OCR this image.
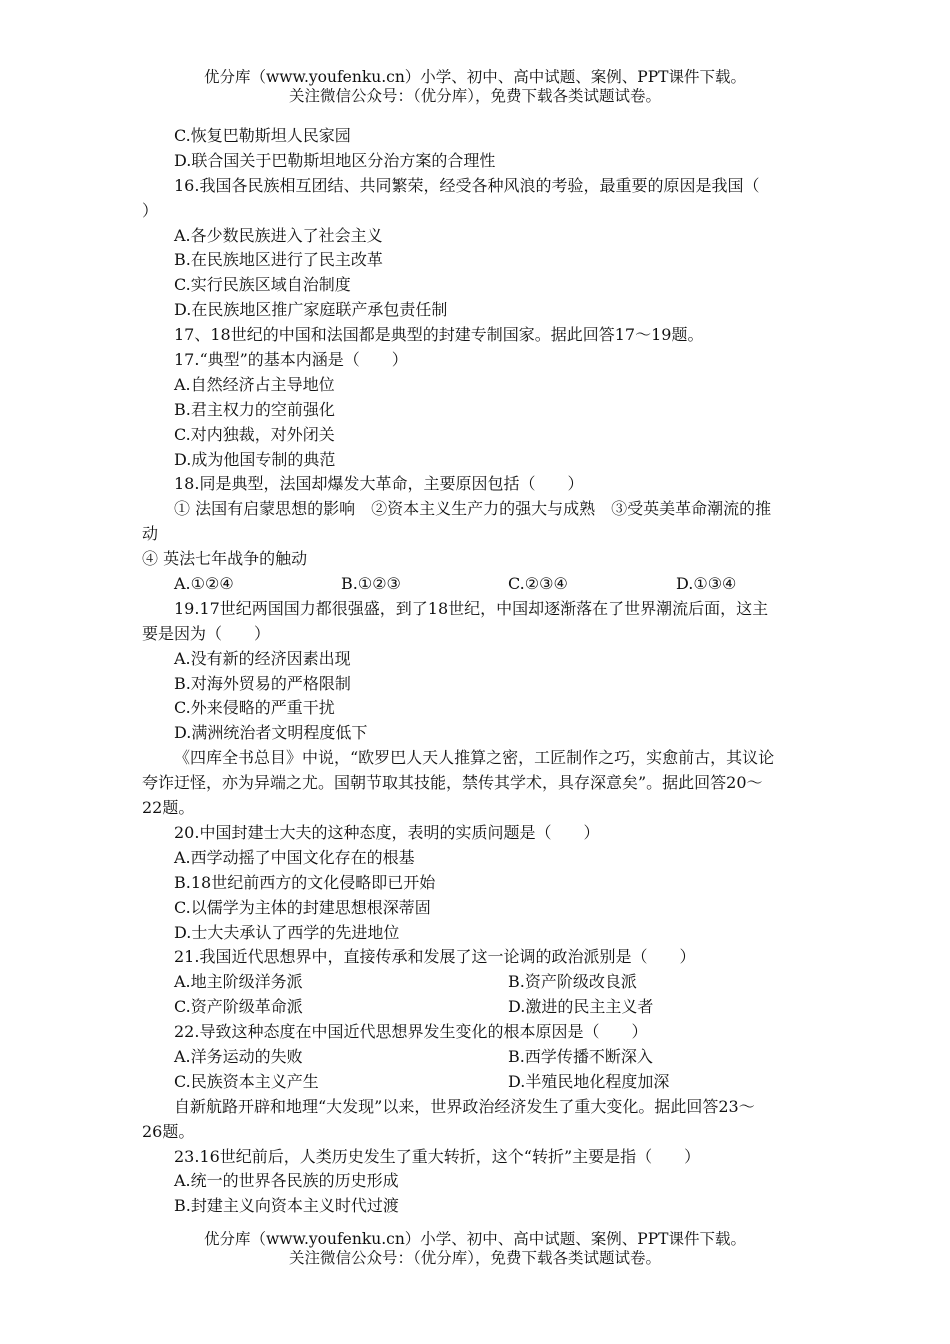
优分库（www.youfenku.cn）小学、初中、高中试题、案例、PPT课件下载。
关注微信公众号：（优分库），免费下载各类试题试卷。
C.恢复巴勒斯坦人民家园
D.联合国关于巴勒斯坦地区分治方案的合理性
16.我国各民族相互团结、共同繁荣，经受各种风浪的考验，最重要的原因是我国（
）
A.各少数民族进入了社会主义
B.在民族地区进行了民主改革
C.实行民族区域自治制度
D.在民族地区推广家庭联产承包责任制
17、18世纪的中国和法国都是典型的封建专制国家。据此回答17～19题。
17.“典型”的基本内涵是（　　）
A.自然经济占主导地位
B.君主权力的空前强化
C.对内独裁，对外闭关
D.成为他国专制的典范
18.同是典型，法国却爆发大革命，主要原因包括（　　）
① 法国有启蒙思想的影响　②资本主义生产力的强大与成熟　③受英美革命潮流的推
动
④ 英法七年战争的触动
A.①②④	B.①②③	C.②③④	D.①③④
19.17世纪两国国力都很强盛，到了18世纪，中国却逐渐落在了世界潮流后面，这主
要是因为（　　）
A.没有新的经济因素出现
B.对海外贸易的严格限制
C.外来侵略的严重干扰
D.满洲统治者文明程度低下
《四库全书总目》中说，“欧罗巴人天人推算之密，工匠制作之巧，实愈前古，其议论
夸诈迂怪，亦为异端之尤。国朝节取其技能，禁传其学术，具存深意矣”。据此回答20～
22题。
20.中国封建士大夫的这种态度，表明的实质问题是（　　）
A.西学动摇了中国文化存在的根基
B.18世纪前西方的文化侵略即已开始
C.以儒学为主体的封建思想根深蒂固
D.士大夫承认了西学的先进地位
21.我国近代思想界中，直接传承和发展了这一论调的政治派别是（　　）
A.地主阶级洋务派	B.资产阶级改良派
C.资产阶级革命派	D.激进的民主主义者
22.导致这种态度在中国近代思想界发生变化的根本原因是（　　）
A.洋务运动的失败	B.西学传播不断深入
C.民族资本主义产生	D.半殖民地化程度加深
自新航路开辟和地理“大发现”以来，世界政治经济发生了重大变化。据此回答23～
26题。
23.16世纪前后，人类历史发生了重大转折，这个“转折”主要是指（　　）
A.统一的世界各民族的历史形成
B.封建主义向资本主义时代过渡
优分库（www.youfenku.cn）小学、初中、高中试题、案例、PPT课件下载。
关注微信公众号：（优分库），免费下载各类试题试卷。
